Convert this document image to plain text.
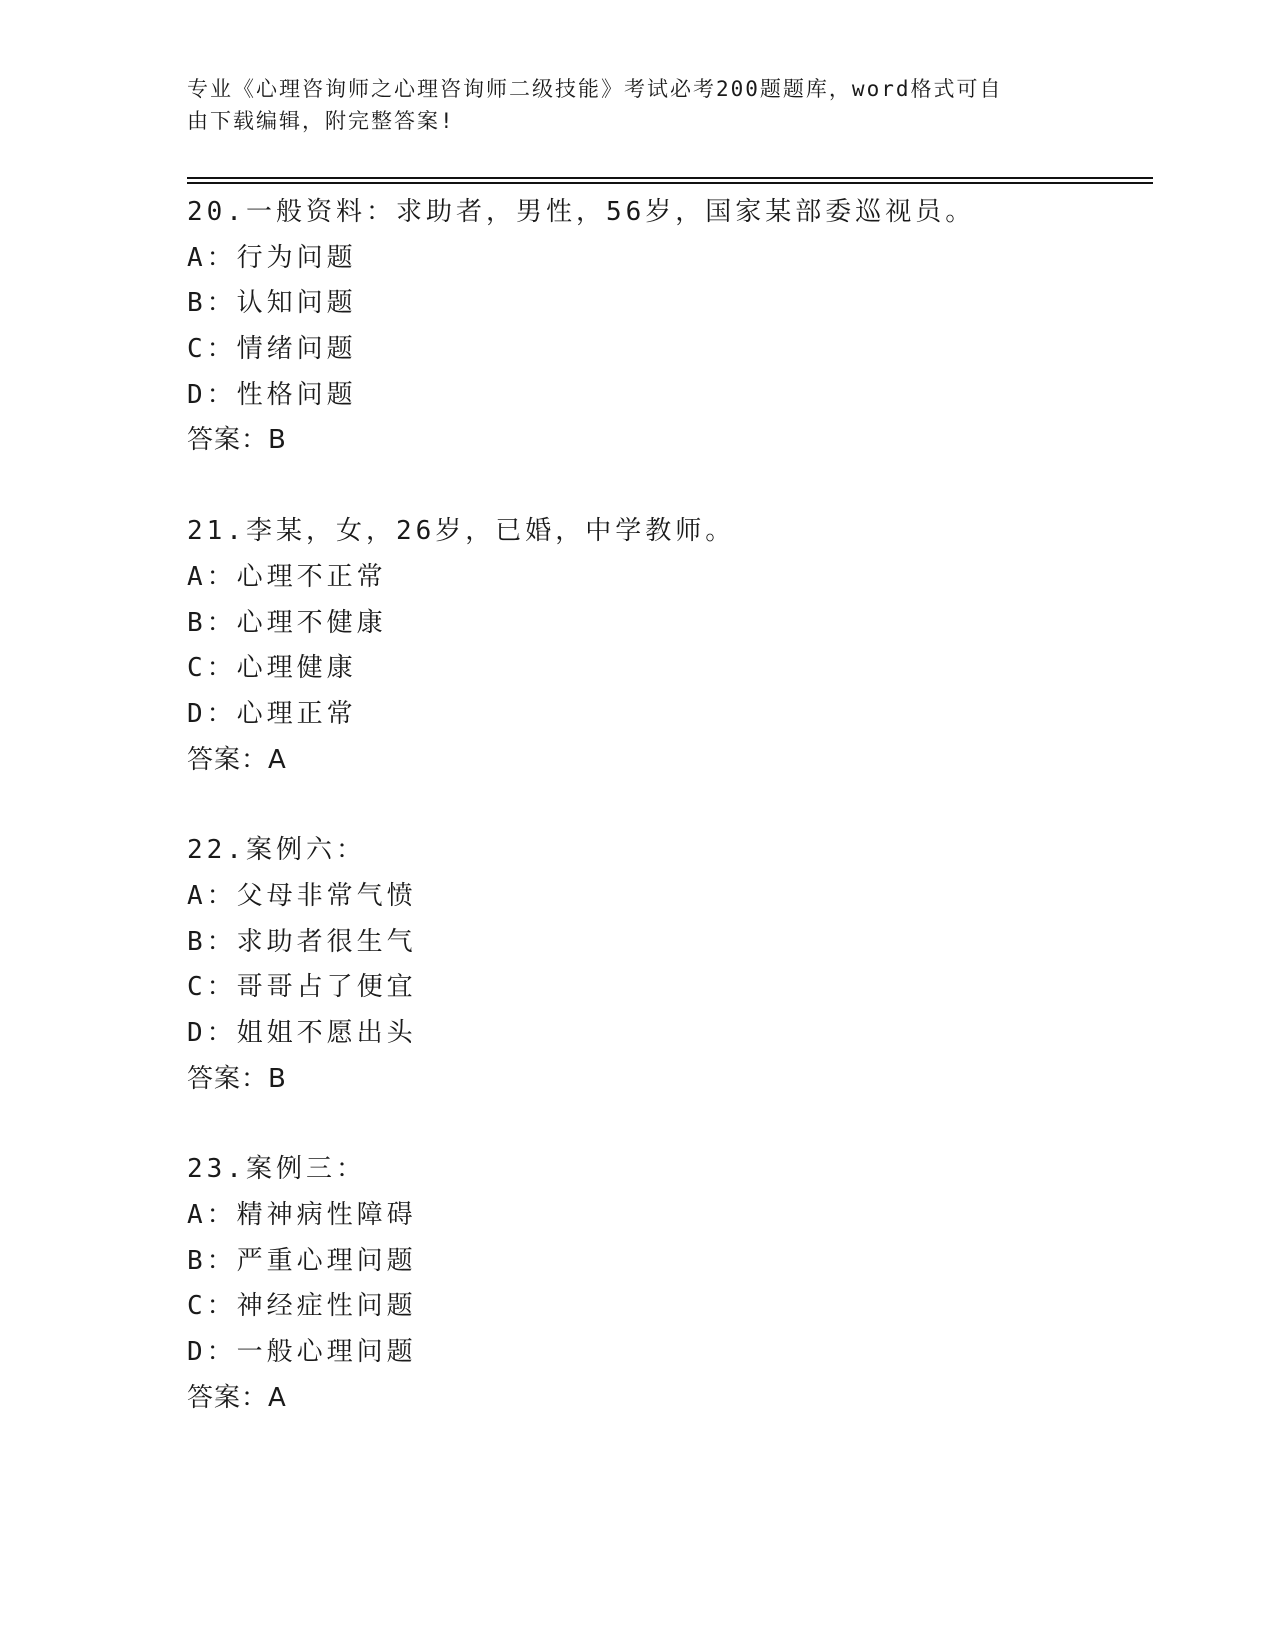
专业《心理咨询师之心理咨询师二级技能》考试必考200题题库，word格式可自
由下载编辑，附完整答案!
20.一般资料：求助者，男性，56岁，国家某部委巡视员。
A：行为问题
B：认知问题
C：情绪问题
D：性格问题
答案：B
21.李某，女，26岁，已婚，中学教师。
A：心理不正常
B：心理不健康
C：心理健康
D：心理正常
答案：A
22.案例六：
A：父母非常气愤
B：求助者很生气
C：哥哥占了便宜
D：姐姐不愿出头
答案：B
23.案例三：
A：精神病性障碍
B：严重心理问题
C：神经症性问题
D：一般心理问题
答案：A
